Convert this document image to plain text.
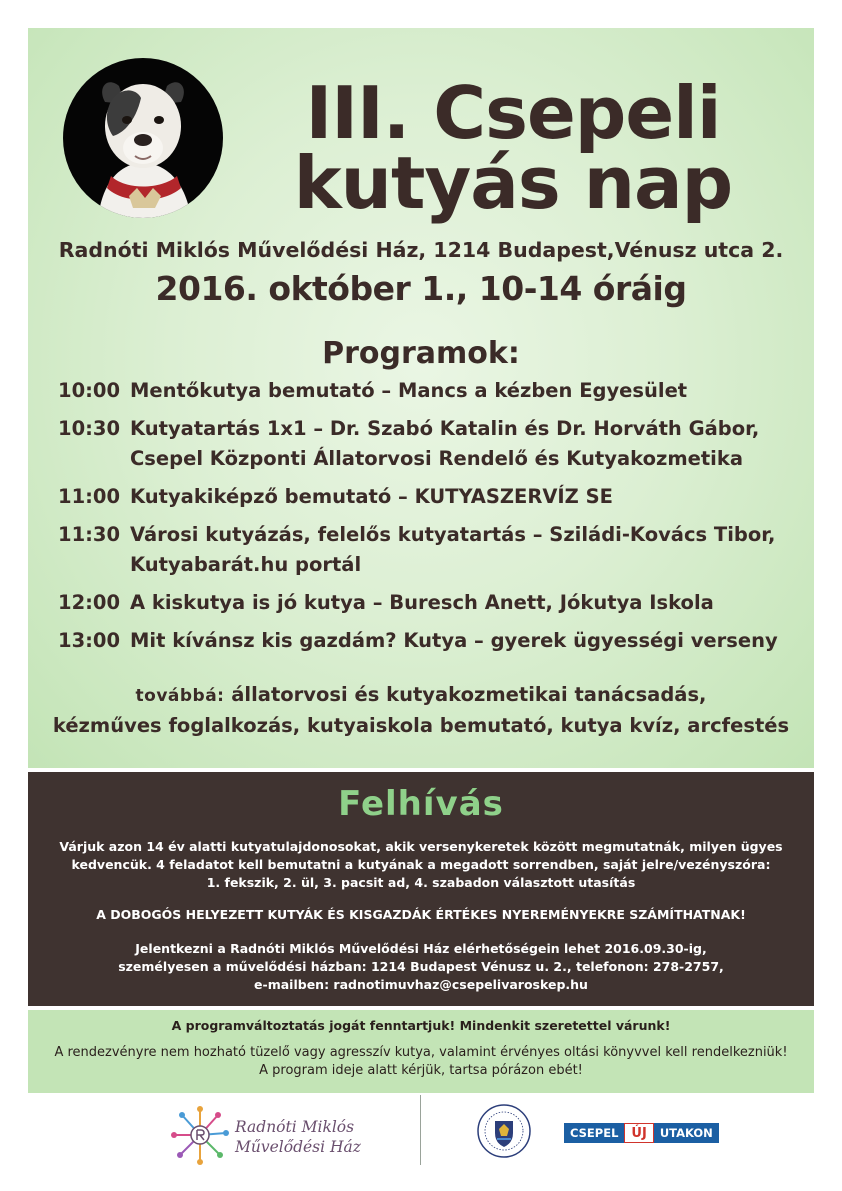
III. Csepeli
kutyás nap
Radnóti Miklós Művelődési Ház, 1214 Budapest,Vénusz utca 2.
2016. október 1., 10-14 óráig
Programok:
10:00 Mentőkutya bemutató – Mancs a kézben Egyesület
10:30 Kutyatartás 1x1 – Dr. Szabó Katalin és Dr. Horváth Gábor,
Csepel Központi Állatorvosi Rendelő és Kutyakozmetika
11:00 Kutyakiképző bemutató – KUTYASZERVÍZ SE
11:30 Városi kutyázás, felelős kutyatartás – Sziládi-Kovács Tibor,
Kutyabarát.hu portál
12:00 A kiskutya is jó kutya – Buresch Anett, Jókutya Iskola
13:00 Mit kívánsz kis gazdám? Kutya – gyerek ügyességi verseny
továbbá: állatorvosi és kutyakozmetikai tanácsadás,
kézműves foglalkozás, kutyaiskola bemutató, kutya kvíz, arcfestés
Felhívás
Várjuk azon 14 év alatti kutyatulajdonosokat, akik versenykeretek között megmutatnák, milyen ügyes
kedvencük. 4 feladatot kell bemutatni a kutyának a megadott sorrendben, saját jelre/vezényszóra:
1. fekszik, 2. ül, 3. pacsit ad, 4. szabadon választott utasítás
A DOBOGÓS HELYEZETT KUTYÁK ÉS KISGAZDÁK ÉRTÉKES NYEREMÉNYEKRE SZÁMÍTHATNAK!
Jelentkezni a Radnóti Miklós Művelődési Ház elérhetőségein lehet 2016.09.30-ig,
személyesen a művelődési házban: 1214 Budapest Vénusz u. 2., telefonon: 278-2757,
e-mailben: radnotimuvhaz@csepelivaroskep.hu
A programváltoztatás jogát fenntartjuk! Mindenkit szeretettel várunk!
A rendezvényre nem hozható tüzelő vagy agresszív kutya, valamint érvényes oltási könyvvel kell rendelkezniük!
A program ideje alatt kérjük, tartsa pórázon ebét!
Radnóti Miklós
Művelődési Ház
CSEPEL	ÚJ	UTAKON
